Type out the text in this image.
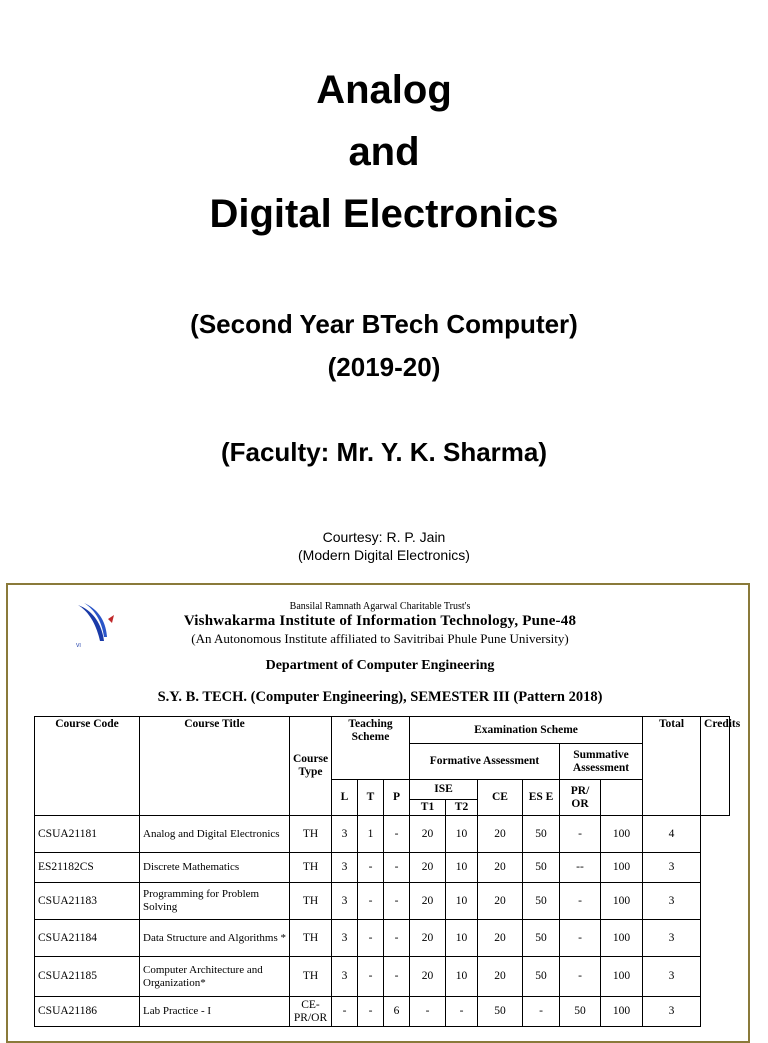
Analog
and
Digital Electronics
(Second Year BTech Computer)
(2019-20)
(Faculty: Mr. Y. K. Sharma)
Courtesy: R. P. Jain
(Modern Digital Electronics)
VI
Bansilal Ramnath Agarwal Charitable Trust's
Vishwakarma Institute of Information Technology, Pune-48
(An Autonomous Institute affiliated to Savitribai Phule Pune University)
Department of Computer Engineering
S.Y. B. TECH. (Computer Engineering), SEMESTER III (Pattern 2018)
Course Code	Course Title	Course Type	Teaching Scheme			Examination Scheme						Total	Credits
						Formative Assessment				Summative Assessment			
			L	T	P	ISE		CE	ES E	PR/ OR			
						T1	T2						
CSUA21181	Analog and Digital Electronics	TH	3	1	-	20	10	20	50	-	100	4	
ES21182CS	Discrete Mathematics	TH	3	-	-	20	10	20	50	--	100	3	
CSUA21183	Programming for Problem Solving	TH	3	-	-	20	10	20	50	-	100	3	
CSUA21184	Data Structure and Algorithms *	TH	3	-	-	20	10	20	50	-	100	3	
CSUA21185	Computer Architecture and Organization*	TH	3	-	-	20	10	20	50	-	100	3	
CSUA21186	Lab Practice - I	CE-PR/OR	-	-	6	-	-	50	-	50	100	3	
